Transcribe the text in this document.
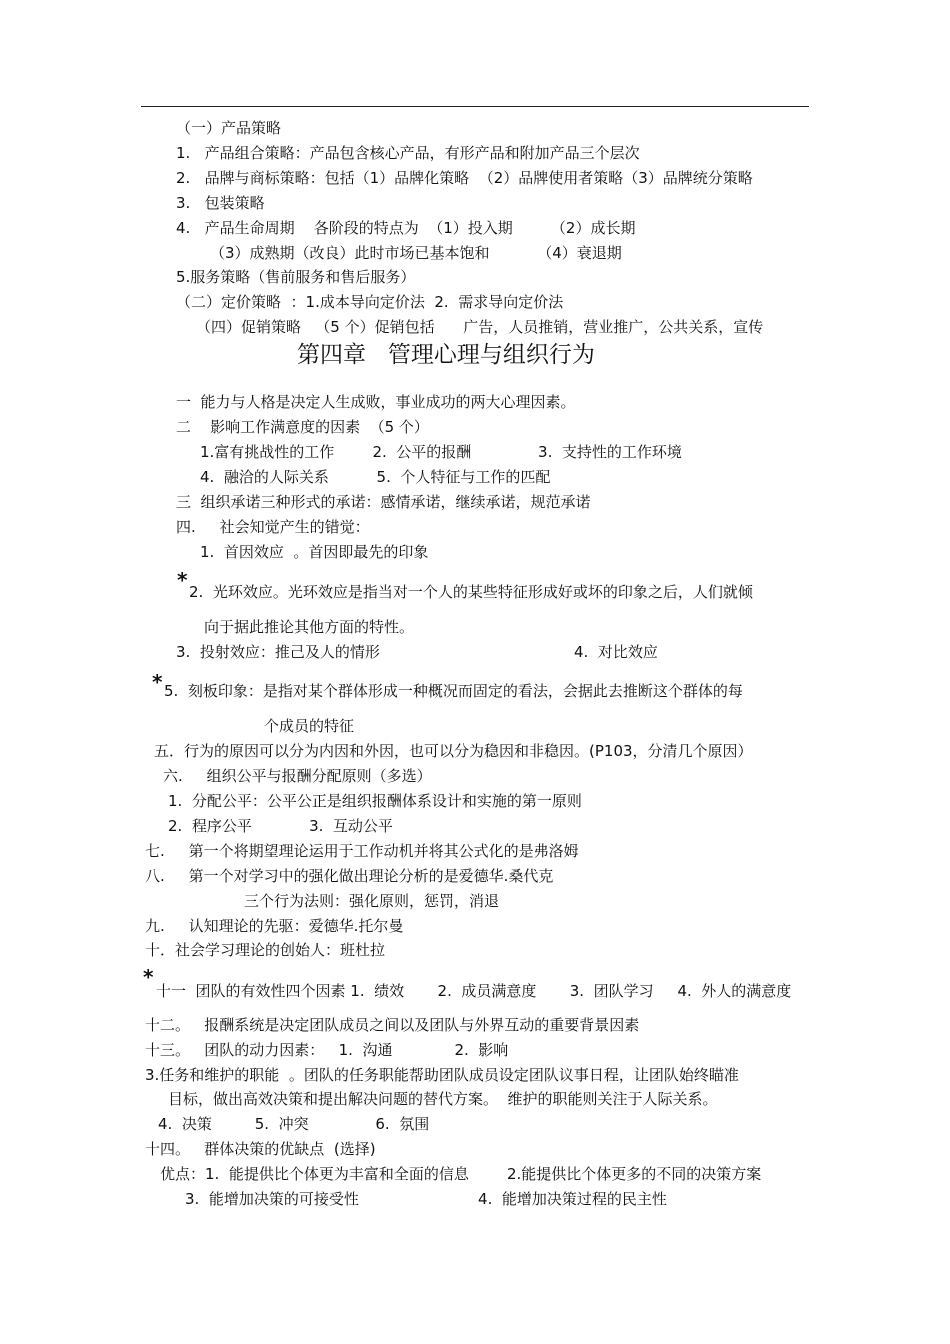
（一）产品策略
1.   产品组合策略：产品包含核心产品，有形产品和附加产品三个层次
2.   品牌与商标策略：包括（1）品牌化策略  （2）品牌使用者策略（3）品牌统分策略
3.   包装策略
4.   产品生命周期    各阶段的特点为  （1）投入期        （2）成长期
（3）成熟期（改良）此时市场已基本饱和          （4）衰退期
5.服务策略（售前服务和售后服务）
（二）定价策略  ：1.成本导向定价法  2.  需求导向定价法
（四）促销策略   （5 个）促销包括      广告，人员推销，营业推广，公共关系，宣传
第四章   管理心理与组织行为
一  能力与人格是决定人生成败，事业成功的两大心理因素。
二    影响工作满意度的因素  （5 个）
1.富有挑战性的工作        2.  公平的报酬              3.  支持性的工作环境
4.  融洽的人际关系          5.  个人特征与工作的匹配
三  组织承诺三种形式的承诺：感情承诺，继续承诺，规范承诺
四.     社会知觉产生的错觉：
1.  首因效应  。首因即最先的印象
* 2.  光环效应。光环效应是指当对一个人的某些特征形成好或坏的印象之后，人们就倾
向于据此推论其他方面的特性。
3.  投射效应：推己及人的情形	4.  对比效应
* 5.  刻板印象：是指对某个群体形成一种概况而固定的看法，会据此去推断这个群体的每
个成员的特征
五．行为的原因可以分为内因和外因，也可以分为稳因和非稳因。(P103，分清几个原因）
六.     组织公平与报酬分配原则（多选）
1.  分配公平：公平公正是组织报酬体系设计和实施的第一原则
2.  程序公平            3.  互动公平
七.     第一个将期望理论运用于工作动机并将其公式化的是弗洛姆
八.     第一个对学习中的强化做出理论分析的是爱德华.桑代克
三个行为法则：强化原则，惩罚，消退
九.     认知理论的先驱：爱德华.托尔曼
十．社会学习理论的创始人：班杜拉
*
十一  团队的有效性四个因素 1.  绩效       2.  成员满意度       3.  团队学习     4.  外人的满意度
十二。   报酬系统是决定团队成员之间以及团队与外界互动的重要背景因素
十三。   团队的动力因素：   1.  沟通             2.  影响
3.任务和维护的职能  。团队的任务职能帮助团队成员设定团队议事日程，让团队始终瞄准
目标，做出高效决策和提出解决问题的替代方案。  维护的职能则关注于人际关系。
4.  决策         5.  冲突              6.  氛围
十四。   群体决策的优缺点  (选择)
优点：1.  能提供比个体更为丰富和全面的信息        2.能提供比个体更多的不同的决策方案
3.  能增加决策的可接受性                         4.  能增加决策过程的民主性
